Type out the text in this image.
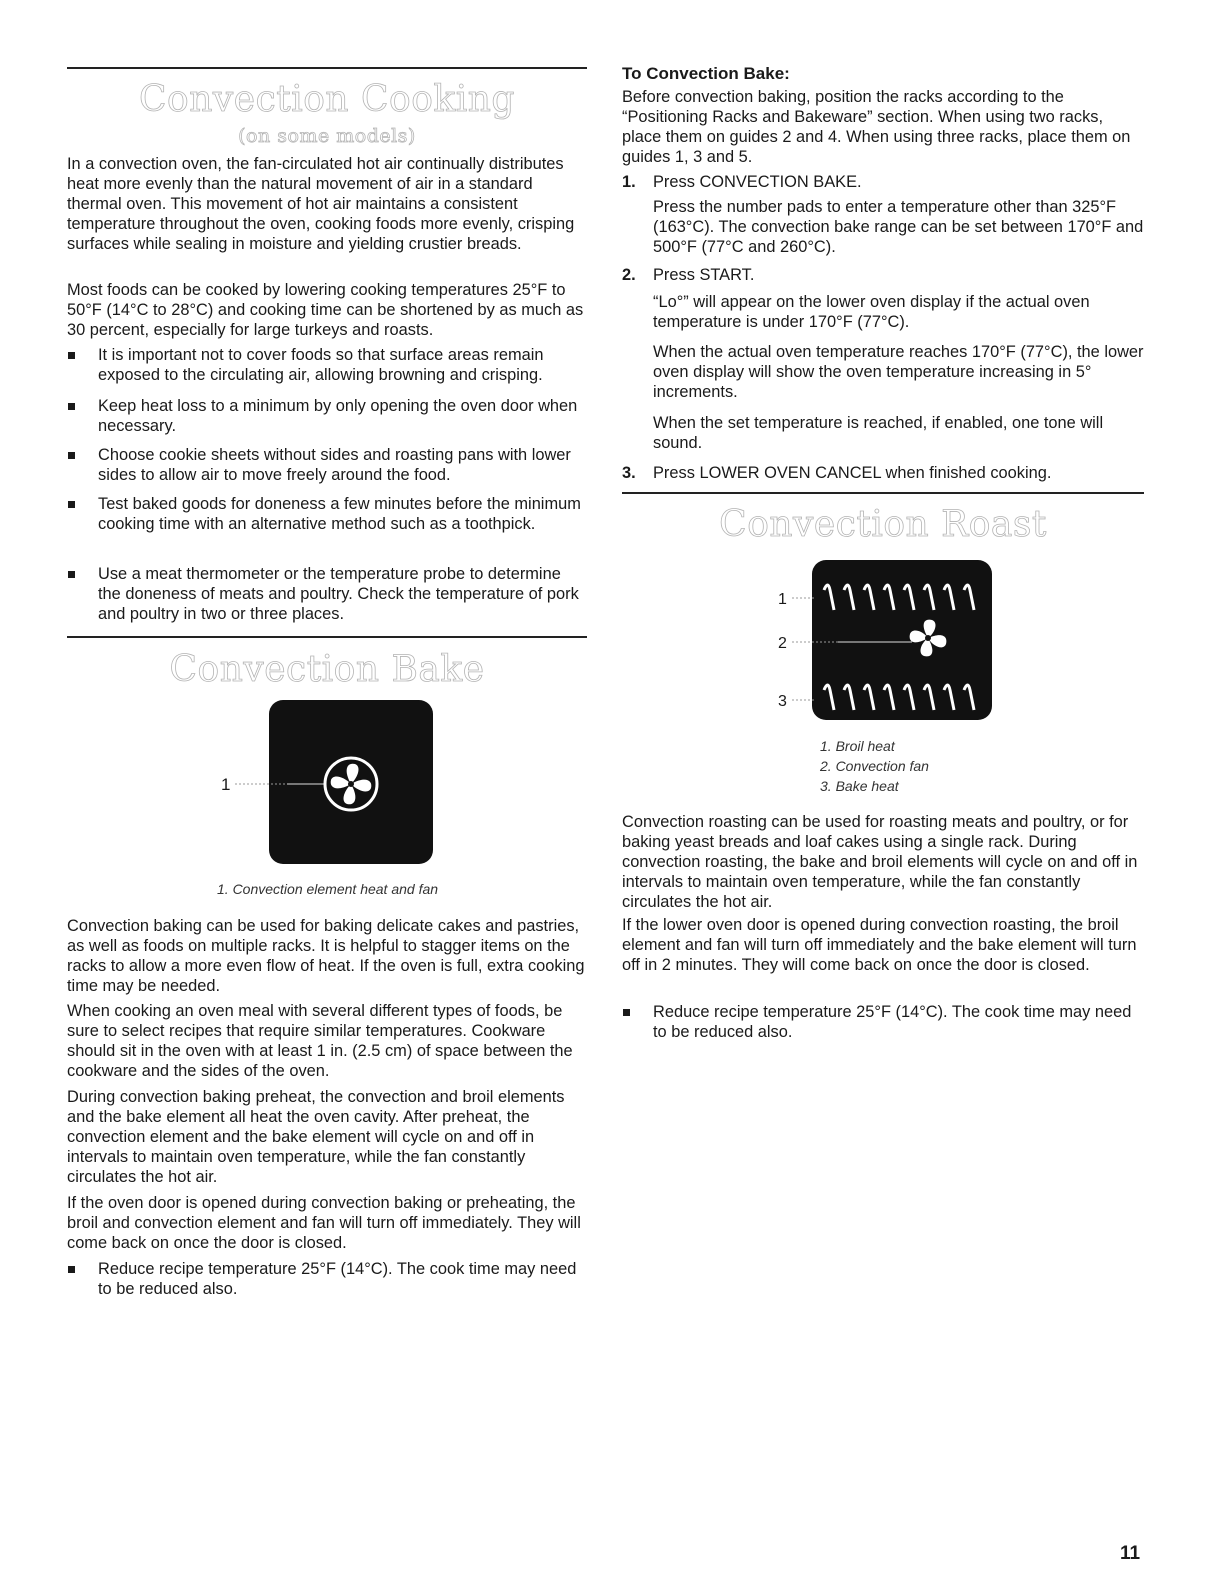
Convection Cooking
(on some models)

In a convection oven, the fan-circulated hot air continually distributes heat more evenly than the natural movement of air in a standard thermal oven. This movement of hot air maintains a consistent temperature throughout the oven, cooking foods more evenly, crisping surfaces while sealing in moisture and yielding crustier breads.

Most foods can be cooked by lowering cooking temperatures 25°F to 50°F (14°C to 28°C) and cooking time can be shortened by as much as 30 percent, especially for large turkeys and roasts.

It is important not to cover foods so that surface areas remain exposed to the circulating air, allowing browning and crisping.
Keep heat loss to a minimum by only opening the oven door when necessary.
Choose cookie sheets without sides and roasting pans with lower sides to allow air to move freely around the food.
Test baked goods for doneness a few minutes before the minimum cooking time with an alternative method such as a toothpick.
Use a meat thermometer or the temperature probe to determine the doneness of meats and poultry. Check the temperature of pork and poultry in two or three places.
Convection Bake
1
1. Convection element heat and fan

Convection baking can be used for baking delicate cakes and pastries, as well as foods on multiple racks. It is helpful to stagger items on the racks to allow a more even flow of heat. If the oven is full, extra cooking time may be needed.

When cooking an oven meal with several different types of foods, be sure to select recipes that require similar temperatures. Cookware should sit in the oven with at least 1 in. (2.5 cm) of space between the cookware and the sides of the oven.

During convection baking preheat, the convection and broil elements and the bake element all heat the oven cavity. After preheat, the convection element and the bake element will cycle on and off in intervals to maintain oven temperature, while the fan constantly circulates the hot air.

If the oven door is opened during convection baking or preheating, the broil and convection element and fan will turn off immediately. They will come back on once the door is closed.

Reduce recipe temperature 25°F (14°C). The cook time may need to be reduced also.

To Convection Bake:

Before convection baking, position the racks according to the “Positioning Racks and Bakeware” section. When using two racks, place them on guides 2 and 4. When using three racks, place them on guides 1, 3 and 5.

1. Press CONVECTION BAKE.

Press the number pads to enter a temperature other than 325°F (163°C). The convection bake range can be set between 170°F and 500°F (77°C and 260°C).

2. Press START.

“Lo°” will appear on the lower oven display if the actual oven temperature is under 170°F (77°C).

When the actual oven temperature reaches 170°F (77°C), the lower oven display will show the oven temperature increasing in 5° increments.

When the set temperature is reached, if enabled, one tone will sound.

3. Press LOWER OVEN CANCEL when finished cooking.
Convection Roast
1
2
3
1. Broil heat
2. Convection fan
3. Bake heat

Convection roasting can be used for roasting meats and poultry, or for baking yeast breads and loaf cakes using a single rack. During convection roasting, the bake and broil elements will cycle on and off in intervals to maintain oven temperature, while the fan constantly circulates the hot air.

If the lower oven door is opened during convection roasting, the broil element and fan will turn off immediately and the bake element will turn off in 2 minutes. They will come back on once the door is closed.

Reduce recipe temperature 25°F (14°C). The cook time may need to be reduced also.
11
